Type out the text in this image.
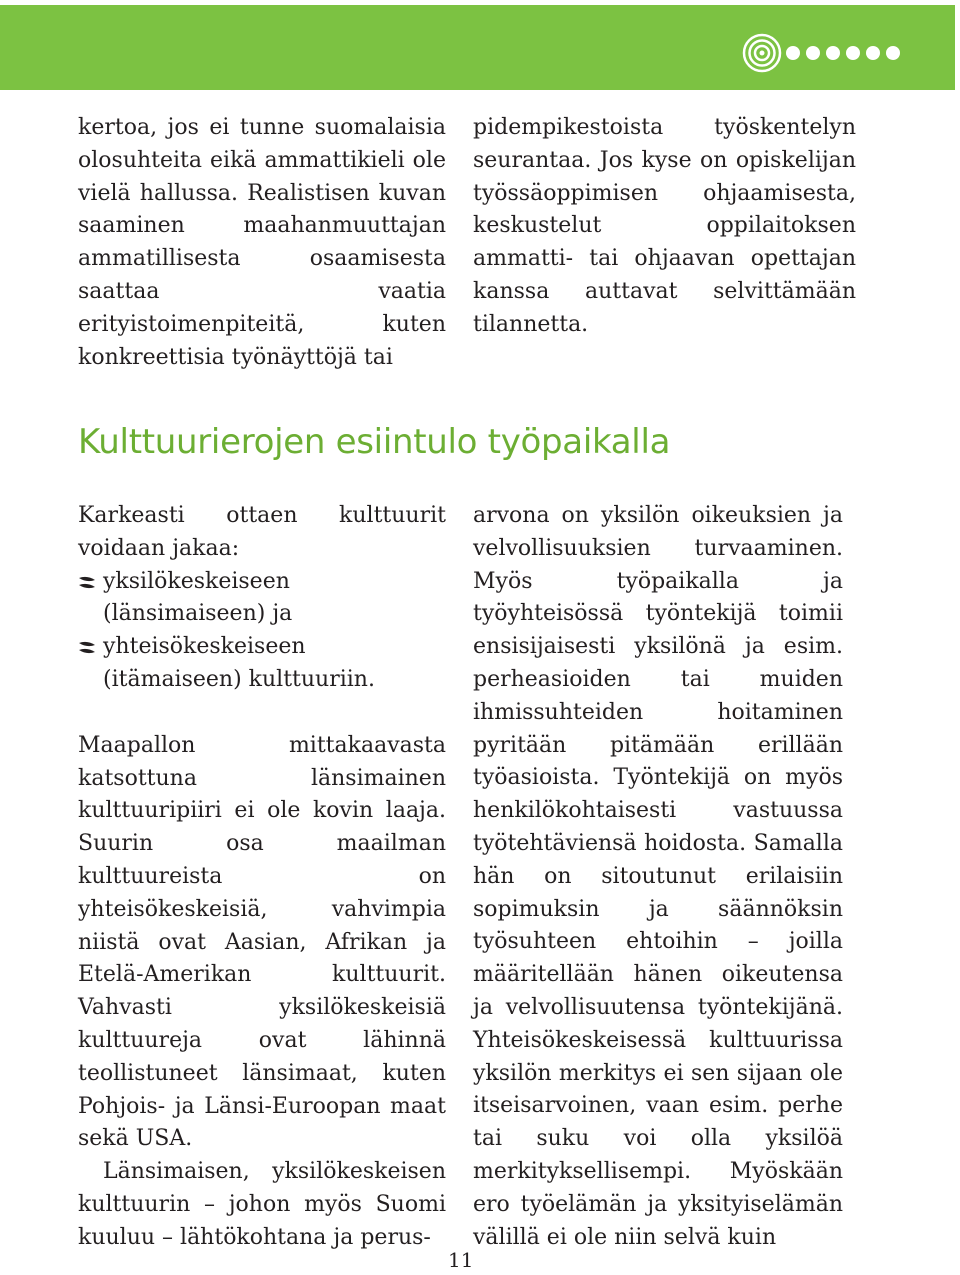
kertoa, jos ei tunne suomalaisia olosuhteita eikä ammattikieli ole vielä hallussa. Realistisen kuvan saaminen maahanmuuttajan ammatillisesta osaamisesta saattaa vaatia erityistoimenpiteitä, kuten konkreettisia työnäyttöjä tai

pidempikestoista työskentelyn seurantaa. Jos kyse on opiskelijan työssäoppimisen ohjaamisesta, keskustelut oppilaitoksen ammatti- tai ohjaavan opettajan kanssa auttavat selvittämään tilannetta.

Kulttuurierojen esiintulo työpaikalla

Karkeasti ottaen kulttuurit voidaan jakaa:

yksilökeskeiseen (länsimaiseen) ja

yhteisökeskeiseen (itämaiseen) kulttuuriin.

Maapallon mittakaavasta katsottuna länsimainen kulttuuripiiri ei ole kovin laaja. Suurin osa maailman kulttuureista on yhteisökeskeisiä, vahvimpia niistä ovat Aasian, Afrikan ja Etelä-Amerikan kulttuurit. Vahvasti yksilökeskeisiä kulttuureja ovat lähinnä teollistuneet länsimaat, kuten Pohjois- ja Länsi-Euroopan maat sekä USA.

Länsimaisen, yksilökeskeisen kulttuurin – johon myös Suomi kuuluu – lähtökohtana ja perus-

arvona on yksilön oikeuksien ja velvollisuuksien turvaaminen. Myös työpaikalla ja työyhteisössä työntekijä toimii ensisijaisesti yksilönä ja esim. perheasioiden tai muiden ihmissuhteiden hoitaminen pyritään pitämään erillään työasioista. Työntekijä on myös henkilökohtaisesti vastuussa työtehtäviensä hoidosta. Samalla hän on sitoutunut erilaisiin sopimuksin ja säännöksin työsuhteen ehtoihin – joilla määritellään hänen oikeutensa ja velvollisuutensa työntekijänä. Yhteisökeskeisessä kulttuurissa yksilön merkitys ei sen sijaan ole itseisarvoinen, vaan esim. perhe tai suku voi olla yksilöä merkityksellisempi. Myöskään ero työelämän ja yksityiselämän välillä ei ole niin selvä kuin

11
